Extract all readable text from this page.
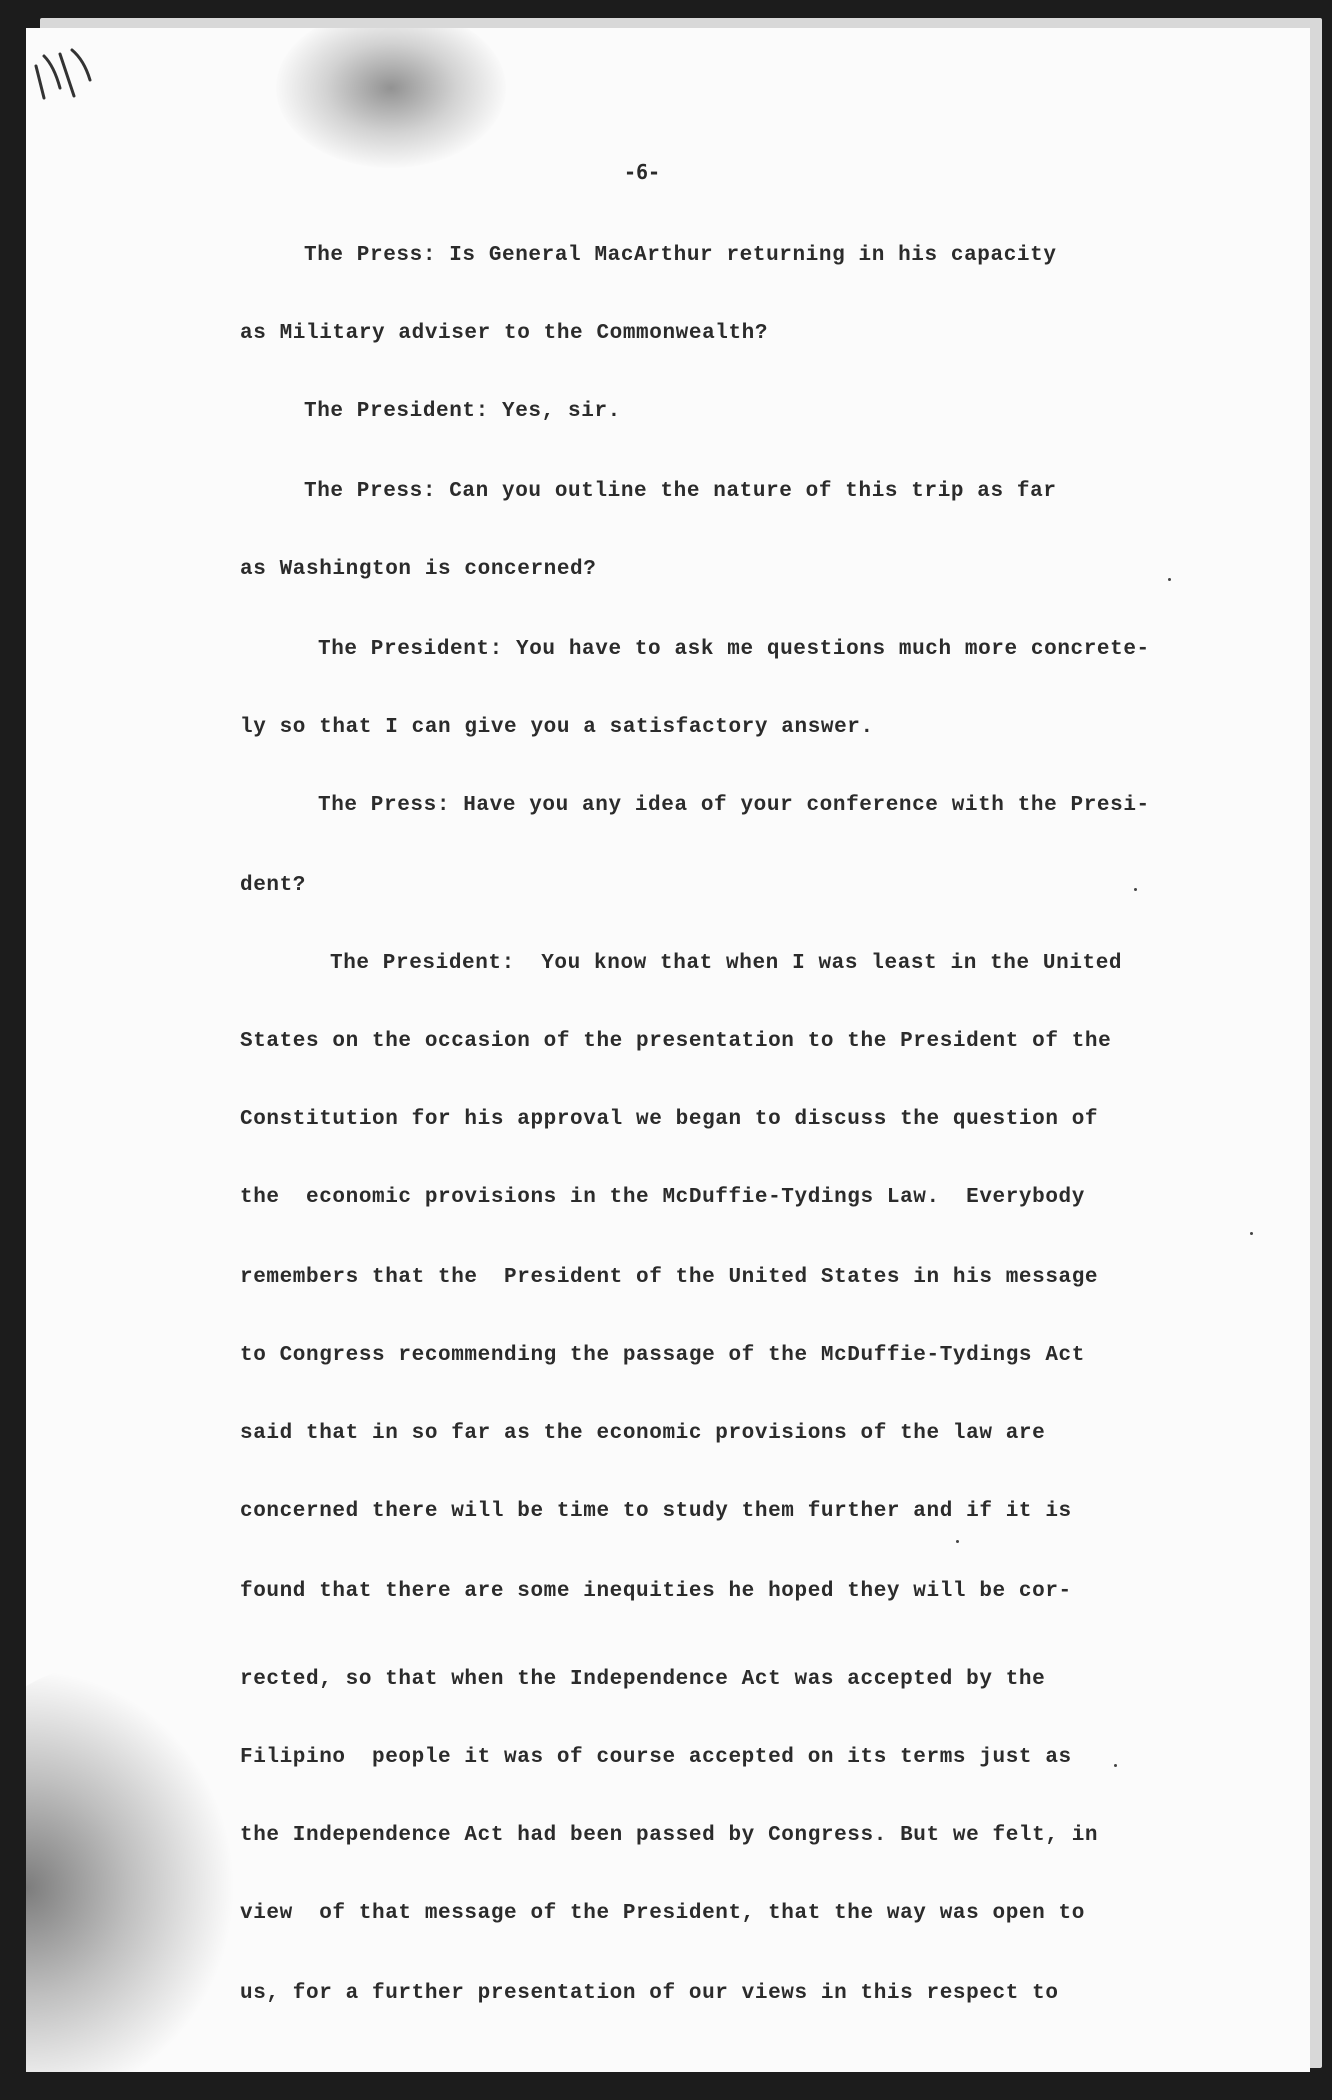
-6-
The Press: Is General MacArthur returning in his capacity
as Military adviser to the Commonwealth?
The President: Yes, sir.
The Press: Can you outline the nature of this trip as far
as Washington is concerned?
The President: You have to ask me questions much more concrete-
ly so that I can give you a satisfactory answer.
The Press: Have you any idea of your conference with the Presi-
dent?
The President:  You know that when I was least in the United
States on the occasion of the presentation to the President of the
Constitution for his approval we began to discuss the question of
the  economic provisions in the McDuffie-Tydings Law.  Everybody
remembers that the  President of the United States in his message
to Congress recommending the passage of the McDuffie-Tydings Act
said that in so far as the economic provisions of the law are
concerned there will be time to study them further and if it is
found that there are some inequities he hoped they will be cor-
rected, so that when the Independence Act was accepted by the
Filipino  people it was of course accepted on its terms just as
the Independence Act had been passed by Congress. But we felt, in
view  of that message of the President, that the way was open to
us, for a further presentation of our views in this respect to
